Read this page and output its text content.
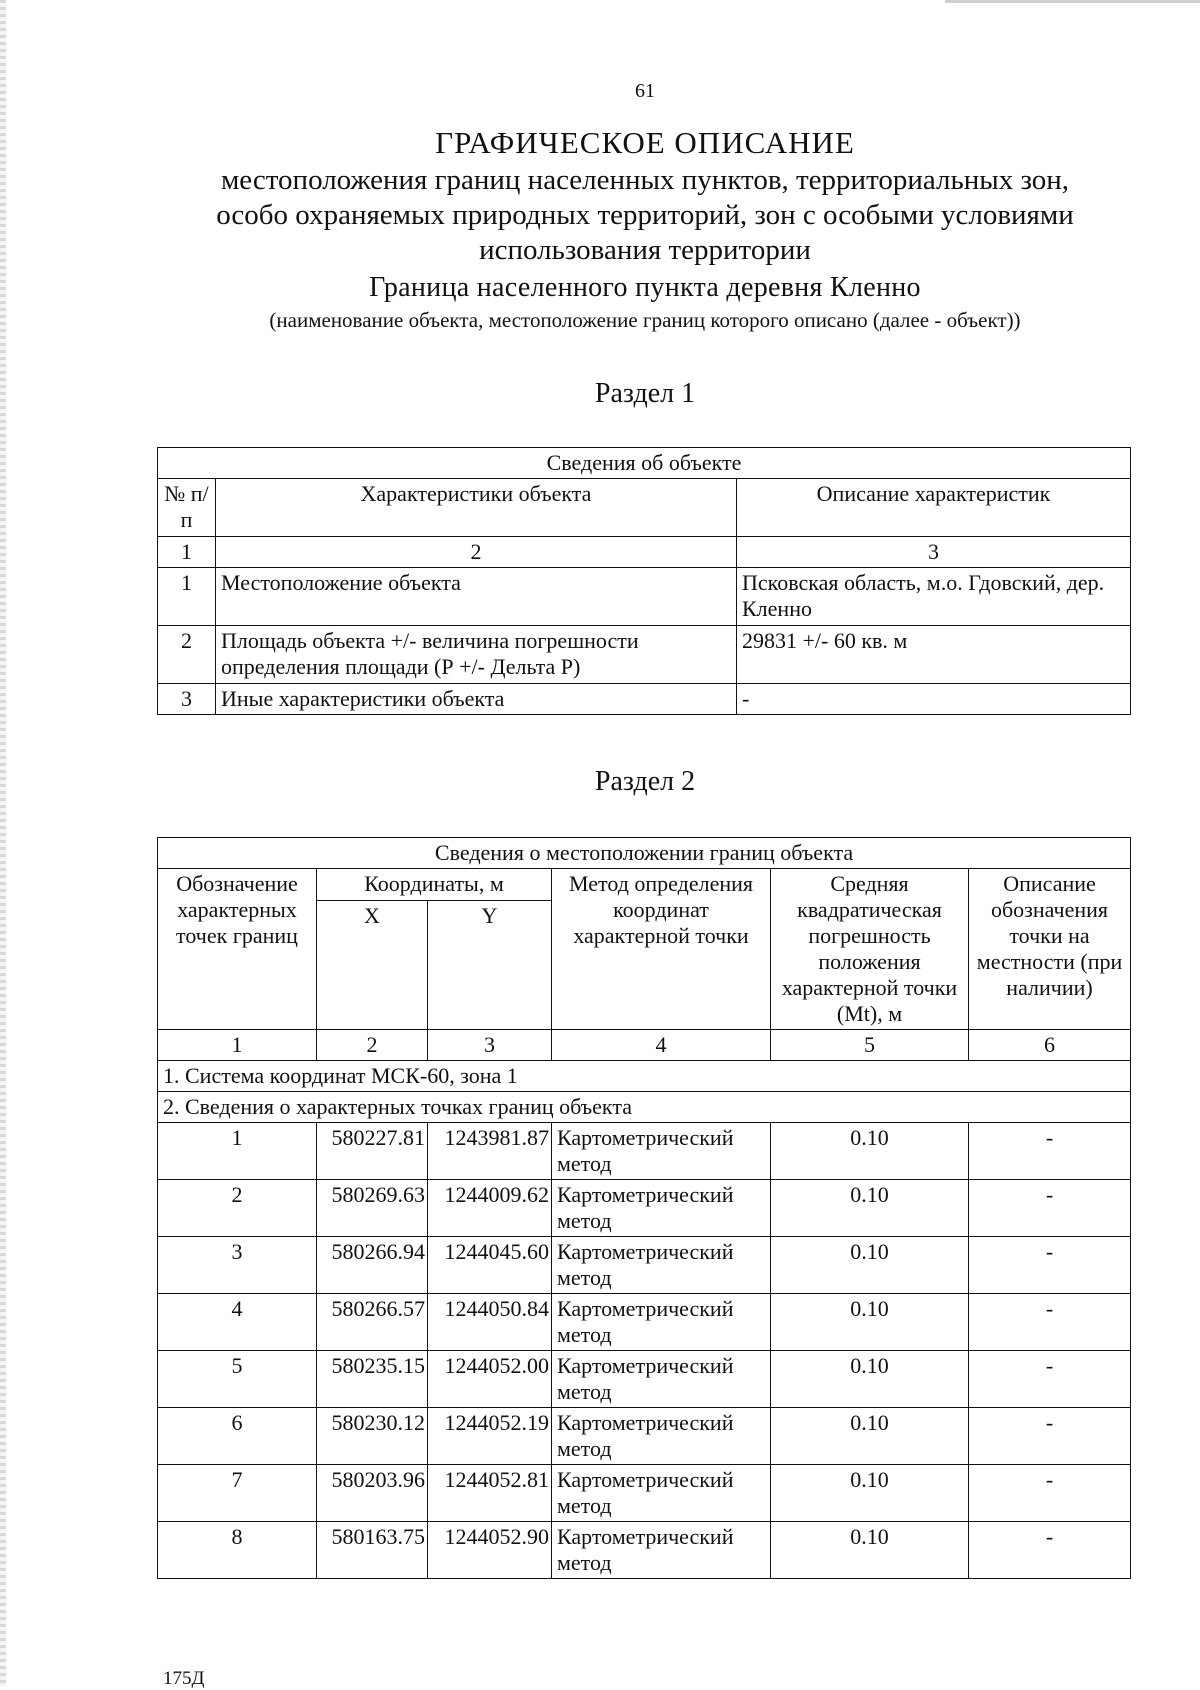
61
ГРАФИЧЕСКОЕ ОПИСАНИЕ
местоположения границ населенных пунктов, территориальных зон,
особо охраняемых природных территорий, зон с особыми условиями
использования территории
Граница населенного пункта деревня Кленно
(наименование объекта, местоположение границ которого описано (далее - объект))
Раздел 1
Сведения об объекте		
№ п/п	Характеристики объекта	Описание характеристик
1	2	3
1	Местоположение объекта	Псковская область, м.о. Гдовский, дер. Кленно
2	Площадь объекта +/- величина погрешности определения площади (Р +/- Дельта Р)	29831 +/- 60 кв. м
3	Иные характеристики объекта	-
Раздел 2
Сведения о местоположении границ объекта					
Обозначение характерных точек границ	Координаты, м		Метод определения координат характерной точки	Средняя квадратическая погрешность положения характерной точки (Mt), м	Описание обозначения точки на местности (при наличии)
	X	Y			
1	2	3	4	5	6
1. Система координат МСК-60, зона 1					
2. Сведения о характерных точках границ объекта					
1	580227.81	1243981.87	Картометрический метод	0.10	-
2	580269.63	1244009.62	Картометрический метод	0.10	-
3	580266.94	1244045.60	Картометрический метод	0.10	-
4	580266.57	1244050.84	Картометрический метод	0.10	-
5	580235.15	1244052.00	Картометрический метод	0.10	-
6	580230.12	1244052.19	Картометрический метод	0.10	-
7	580203.96	1244052.81	Картометрический метод	0.10	-
8	580163.75	1244052.90	Картометрический метод	0.10	-
175Д
